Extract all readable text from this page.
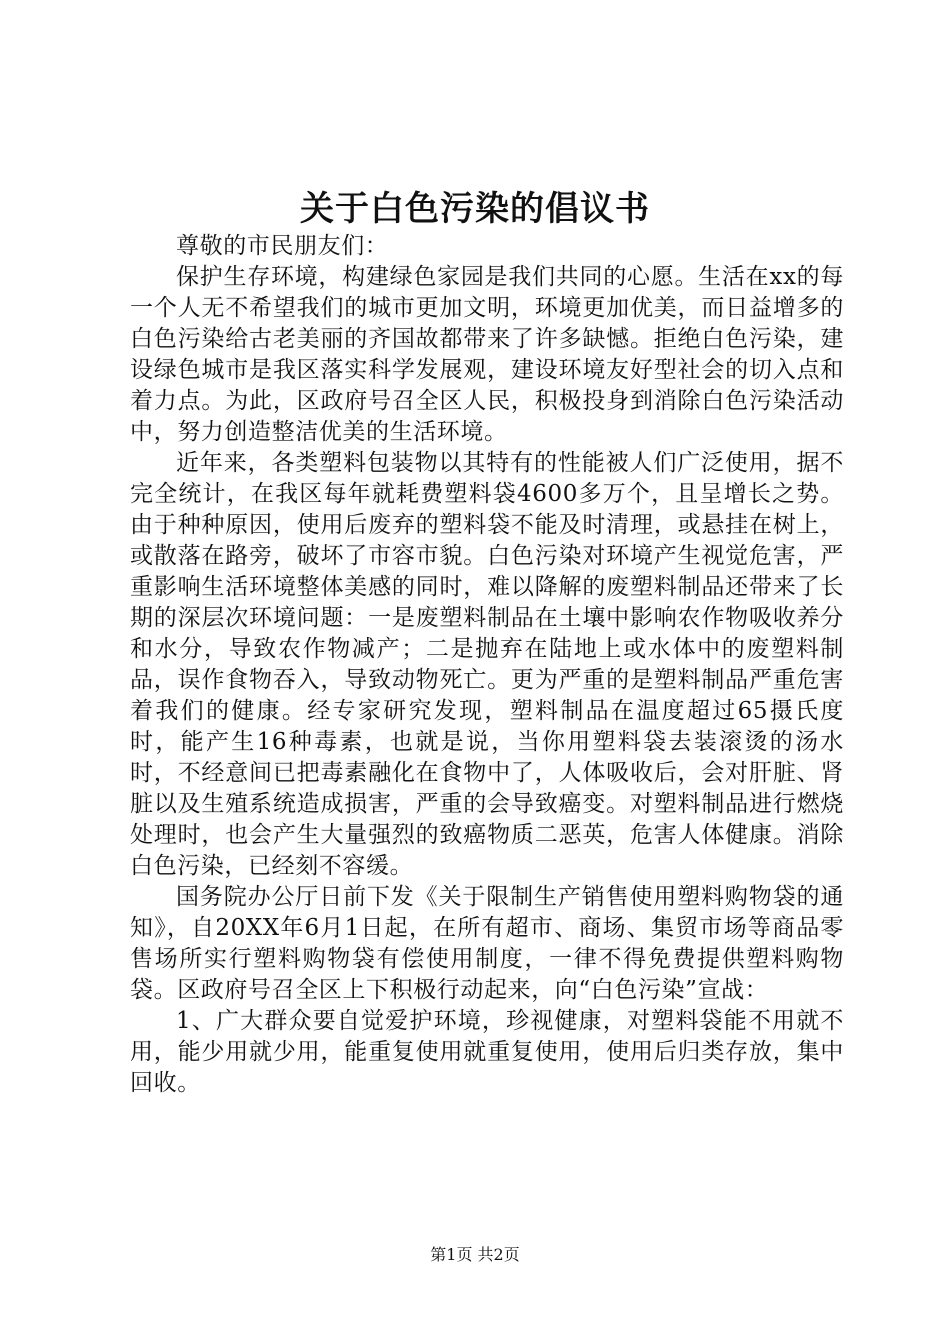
关于白色污染的倡议书

尊敬的市民朋友们：

保护生存环境，构建绿色家园是我们共同的心愿。生活在xx的每一个人无不希望我们的城市更加文明，环境更加优美，而日益增多的白色污染给古老美丽的齐国故都带来了许多缺憾。拒绝白色污染，建设绿色城市是我区落实科学发展观，建设环境友好型社会的切入点和着力点。为此，区政府号召全区人民，积极投身到消除白色污染活动中，努力创造整洁优美的生活环境。

近年来，各类塑料包装物以其特有的性能被人们广泛使用，据不完全统计，在我区每年就耗费塑料袋4600多万个，且呈增长之势。由于种种原因，使用后废弃的塑料袋不能及时清理，或悬挂在树上，或散落在路旁，破坏了市容市貌。白色污染对环境产生视觉危害，严重影响生活环境整体美感的同时，难以降解的废塑料制品还带来了长期的深层次环境问题：一是废塑料制品在土壤中影响农作物吸收养分和水分，导致农作物减产；二是抛弃在陆地上或水体中的废塑料制品，误作食物吞入，导致动物死亡。更为严重的是塑料制品严重危害着我们的健康。经专家研究发现，塑料制品在温度超过65摄氏度时，能产生16种毒素，也就是说，当你用塑料袋去装滚烫的汤水时，不经意间已把毒素融化在食物中了，人体吸收后，会对肝脏、肾脏以及生殖系统造成损害，严重的会导致癌变。对塑料制品进行燃烧处理时，也会产生大量强烈的致癌物质二恶英，危害人体健康。消除白色污染，已经刻不容缓。

国务院办公厅日前下发《关于限制生产销售使用塑料购物袋的通知》，自20XX年6月1日起，在所有超市、商场、集贸市场等商品零售场所实行塑料购物袋有偿使用制度，一律不得免费提供塑料购物袋。区政府号召全区上下积极行动起来，向“白色污染”宣战：

1、广大群众要自觉爱护环境，珍视健康，对塑料袋能不用就不用，能少用就少用，能重复使用就重复使用，使用后归类存放，集中回收。

第1页 共2页
